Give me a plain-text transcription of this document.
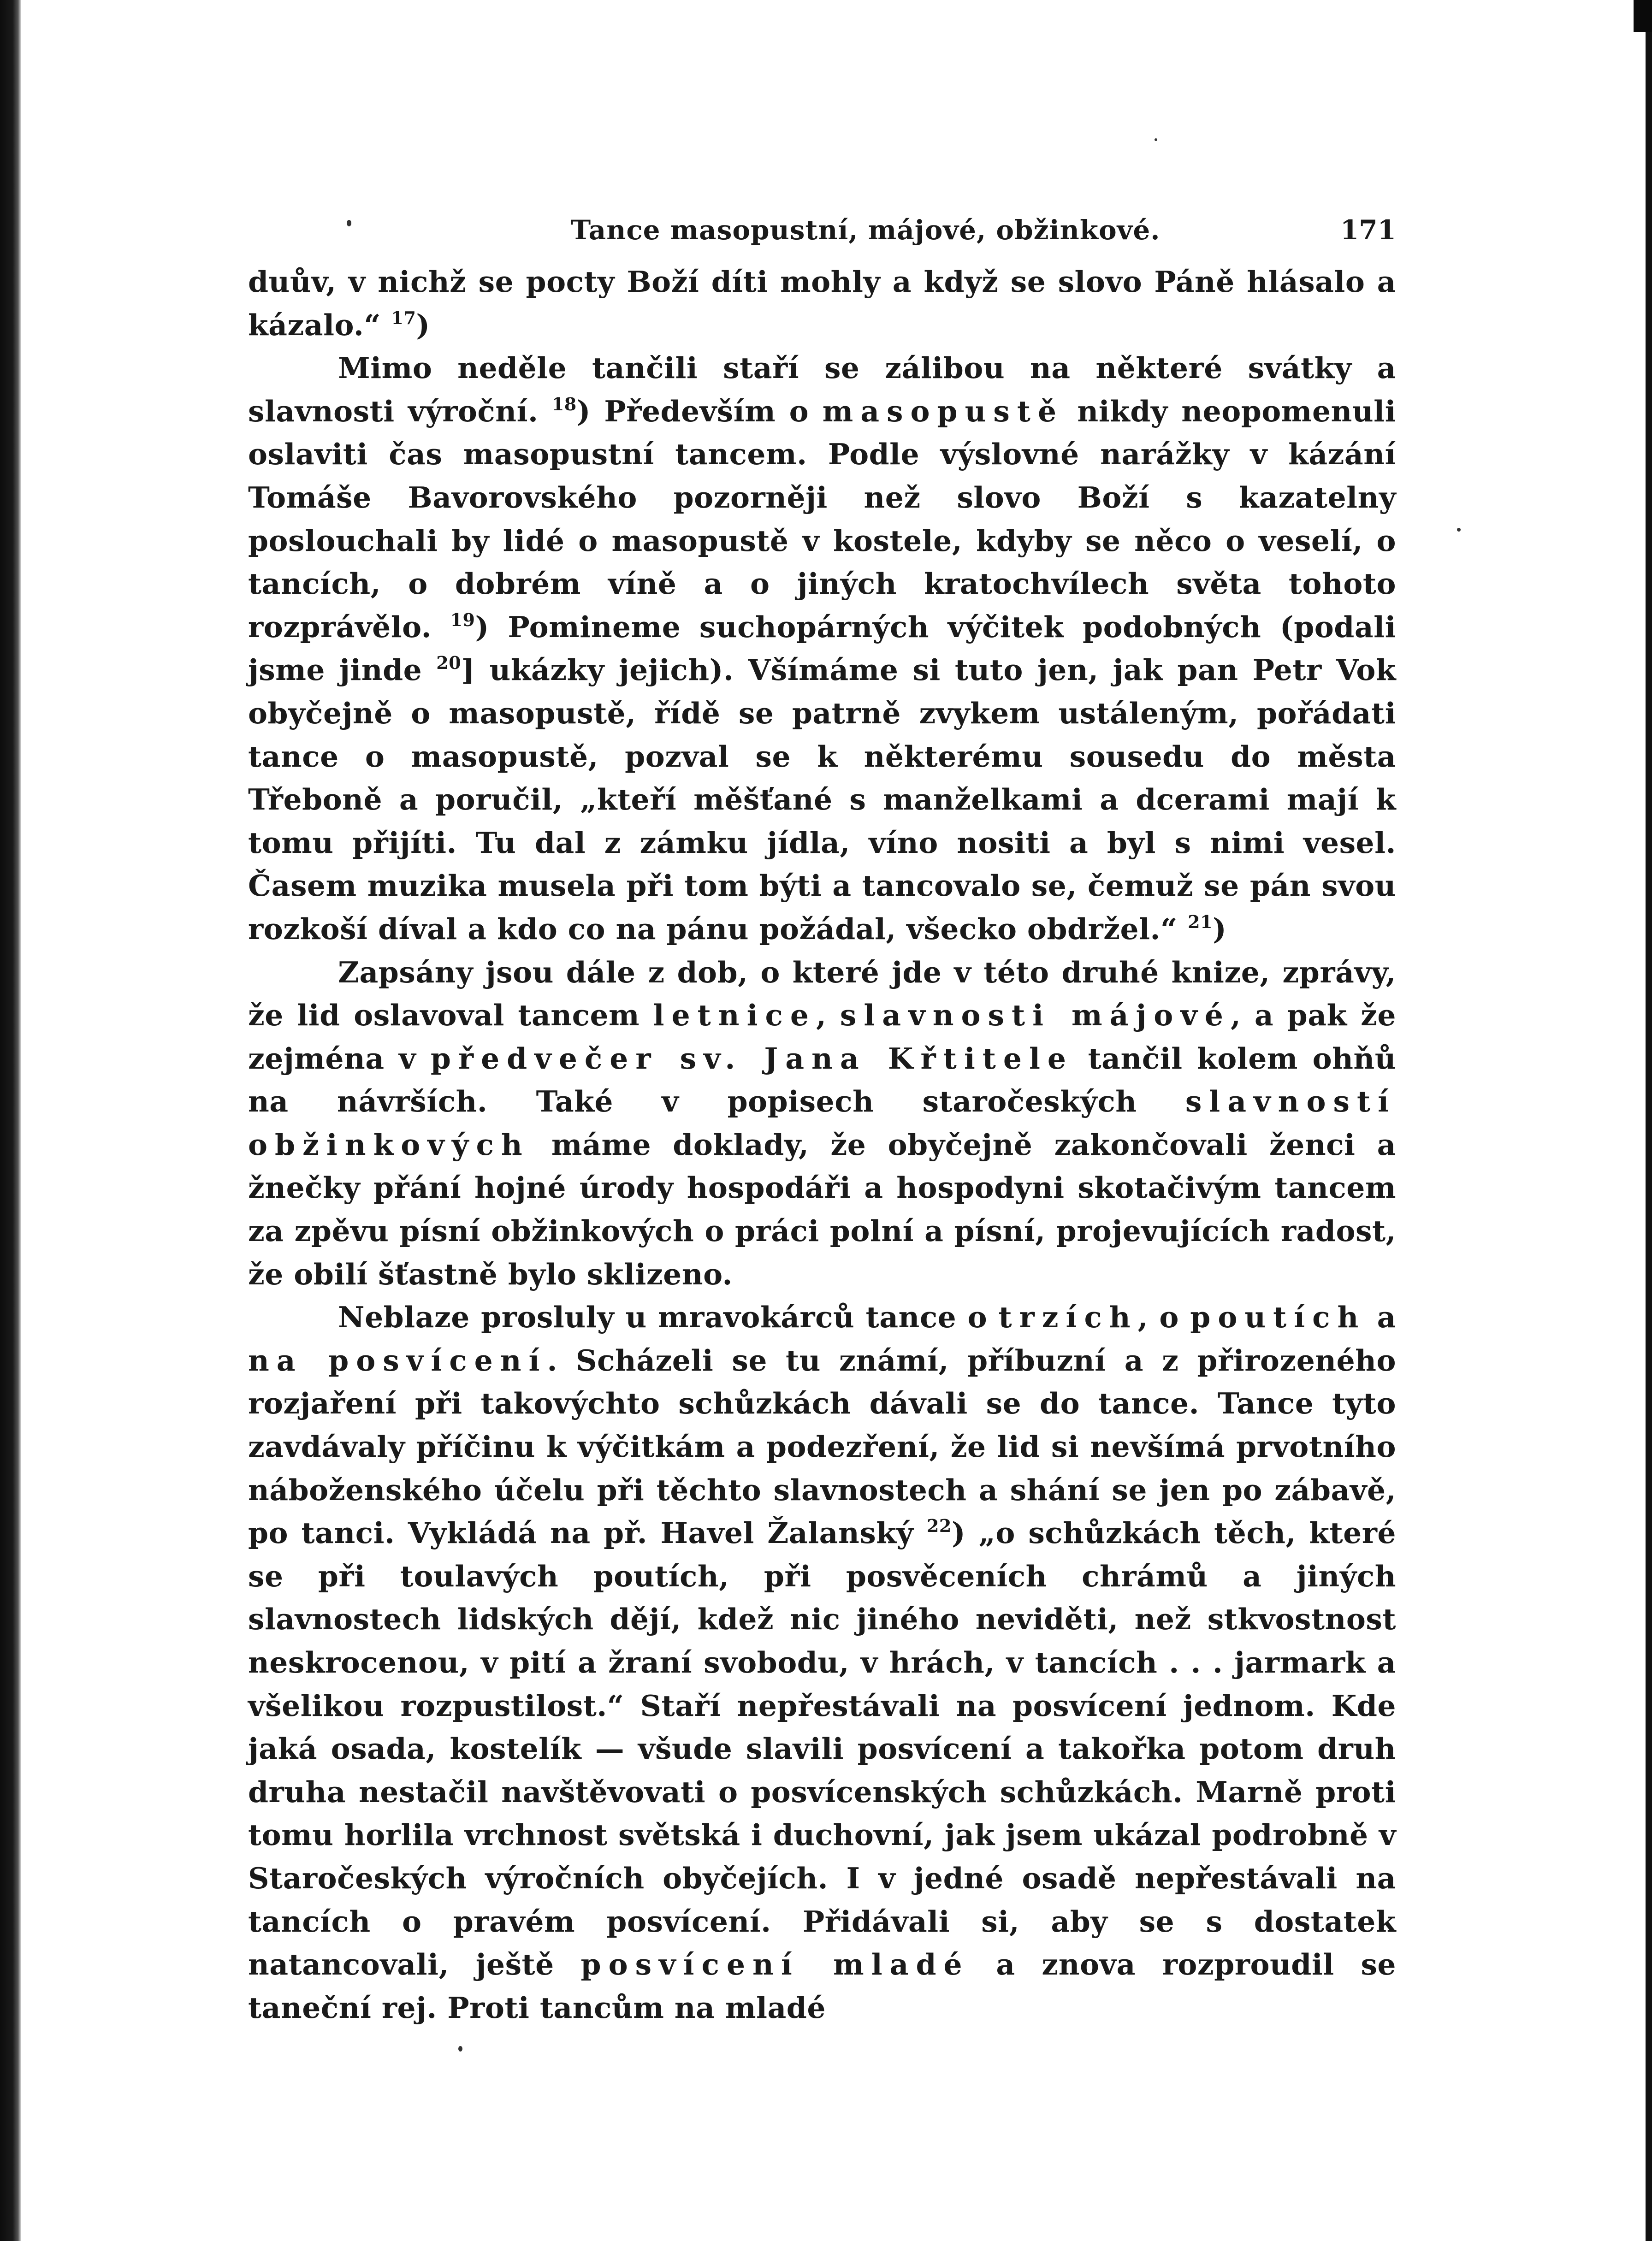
Tance masopustní, májové, obžinkové.	171

duův, v nichž se pocty Boží díti mohly a když se slovo Páně hlásalo a kázalo.“ $^{17}$)

Mimo neděle tančili staří se zálibou na některé svátky a slavnosti výroční. $^{18}$) Především o masopustě nikdy neopomenuli oslaviti čas masopustní tancem. Podle výslovné narážky v kázání Tomáše Bavorovského pozorněji než slovo Boží s kazatelny poslouchali by lidé o masopustě v kostele, kdyby se něco o veselí, o tancích, o dobrém víně a o jiných kratochvílech světa tohoto rozprávělo. $^{19}$) Pomineme suchopárných výčitek podobných (podali jsme jinde $^{20}$] ukázky jejich). Všímáme si tuto jen, jak pan Petr Vok obyčejně o masopustě, řídě se patrně zvykem ustáleným, pořádati tance o masopustě, pozval se k některému sousedu do města Třeboně a poručil, „kteří měšťané s manželkami a dcerami mají k tomu přijíti. Tu dal z zámku jídla, víno nositi a byl s nimi vesel. Časem muzika musela při tom býti a tancovalo se, čemuž se pán svou rozkoší díval a kdo co na pánu požádal, všecko obdržel.“ $^{21}$)

Zapsány jsou dále z dob, o které jde v této druhé knize, zprávy, že lid oslavoval tancem letnice, slavnosti májové, a pak že zejména v předvečer sv. Jana Křtitele tančil kolem ohňů na návrších. Také v popisech staročeských slavností obžinkových máme doklady, že obyčejně zakončovali ženci a žnečky přání hojné úrody hospodáři a hospodyni skotačivým tancem za zpěvu písní obžinkových o práci polní a písní, projevujících radost, že obilí šťastně bylo sklizeno.

Neblaze prosluly u mravokárců tance o trzích, o poutích a na posvícení. Scházeli se tu známí, příbuzní a z přirozeného rozjaření při takovýchto schůzkách dávali se do tance. Tance tyto zavdávaly příčinu k výčitkám a podezření, že lid si nevšímá prvotního náboženského účelu při těchto slavnostech a shání se jen po zábavě, po tanci. Vykládá na př. Havel Žalanský $^{22}$) „o schůzkách těch, které se při toulavých poutích, při posvěceních chrámů a jiných slavnostech lidských dějí, kdež nic jiného neviděti, než stkvostnost neskrocenou, v pití a žraní svobodu, v hrách, v tancích . . . jarmark a všelikou rozpustilost.“ Staří nepřestávali na posvícení jednom. Kde jaká osada, kostelík — všude slavili posvícení a takořka potom druh druha nestačil navštěvovati o posvícenských schůzkách. Marně proti tomu horlila vrchnost světská i duchovní, jak jsem ukázal podrobně v Staročeských výročních obyčejích. I v jedné osadě nepřestávali na tancích o pravém posvícení. Přidávali si, aby se s dostatek natancovali, ještě posvícení mladé a znova rozproudil se taneční rej. Proti tancům na mladé
